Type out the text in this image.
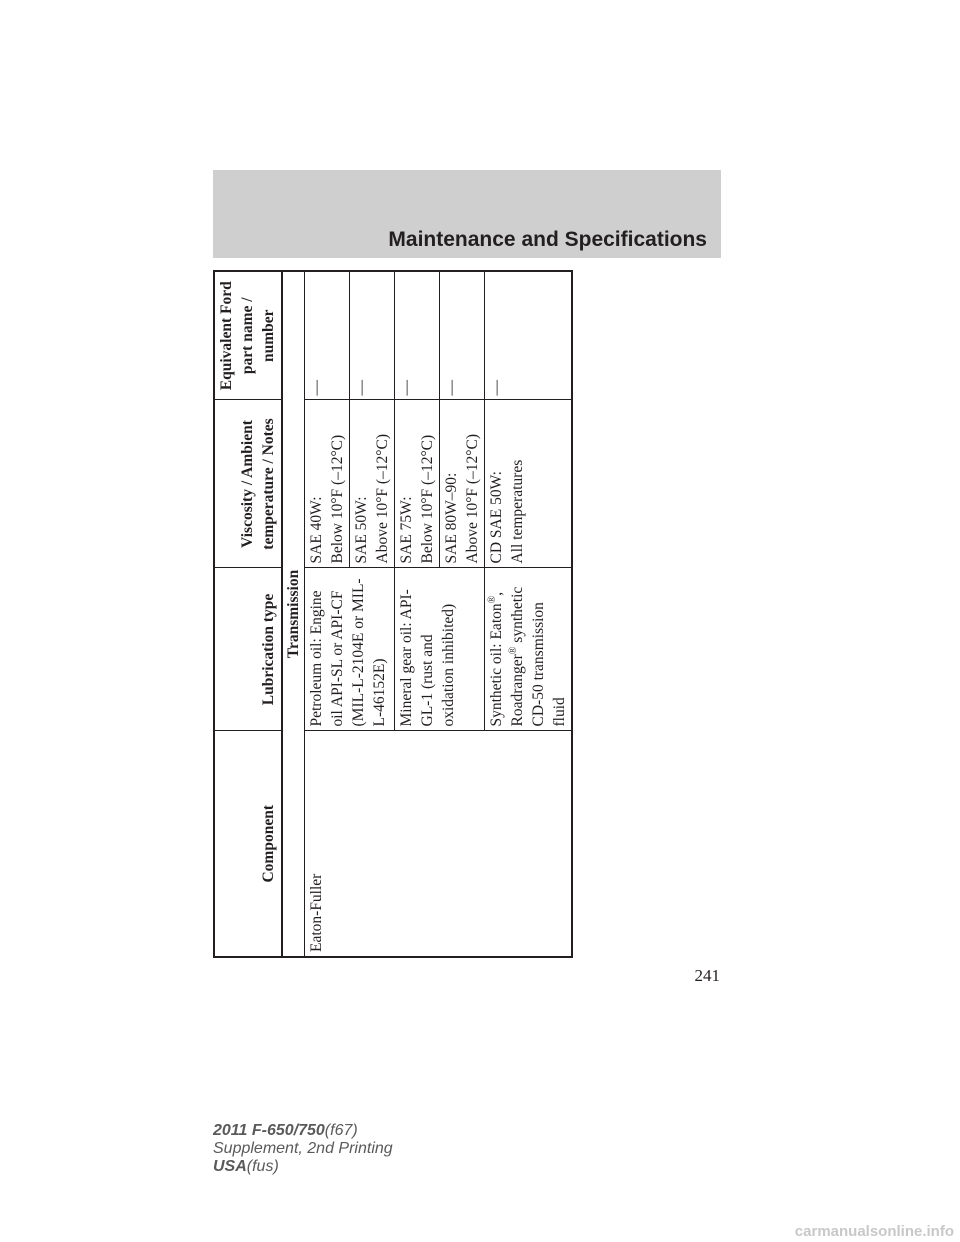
Maintenance and Specifications
Component	Lubrication type	Viscosity / Ambient temperature / Notes	Equivalent Ford part name / number
Transmission			
Eaton-Fuller	Petroleum oil: Engine oil API-SL or API-CF (MIL-L-2104E or MIL-L-46152E)	SAE 40W: Below 10°F (–12°C)	—

		SAE 50W: Above 10°F (–12°C)	—
	Mineral gear oil: API-GL-1 (rust and oxidation inhibited)	SAE 75W: Below 10°F (–12°C)	—

		SAE 80W–90: Above 10°F (–12°C)	—
	Synthetic oil: Eaton®, Roadranger® synthetic CD-50 transmission fluid	CD SAE 50W: All temperatures	—
241
2011 F-650/750(f67)
Supplement, 2nd Printing
USA(fus)
carmanualsonline.info
